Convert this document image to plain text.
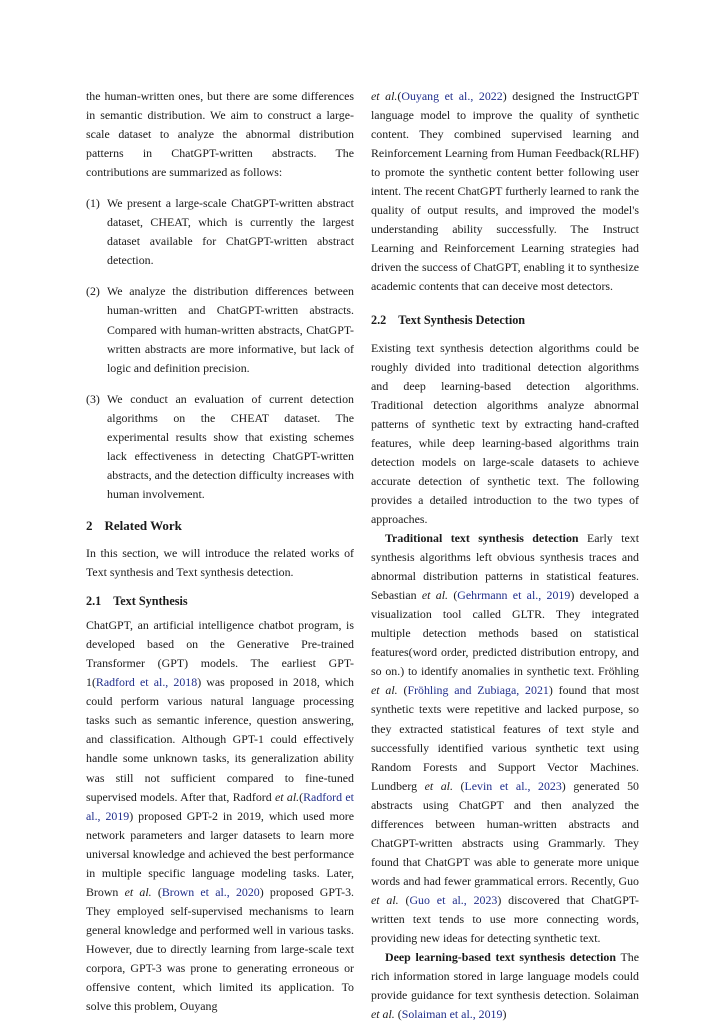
the human-written ones, but there are some differences in semantic distribution. We aim to construct a large-scale dataset to analyze the abnormal distribution patterns in ChatGPT-written abstracts. The contributions are summarized as follows:

(1) We present a large-scale ChatGPT-written abstract dataset, CHEAT, which is currently the largest dataset available for ChatGPT-written abstract detection.
(2) We analyze the distribution differences between human-written and ChatGPT-written abstracts. Compared with human-written abstracts, ChatGPT-written abstracts are more informative, but lack of logic and definition precision.
(3) We conduct an evaluation of current detection algorithms on the CHEAT dataset. The experimental results show that existing schemes lack effectiveness in detecting ChatGPT-written abstracts, and the detection difficulty increases with human involvement.
2 Related Work

In this section, we will introduce the related works of Text synthesis and Text synthesis detection.

2.1 Text Synthesis

ChatGPT, an artificial intelligence chatbot program, is developed based on the Generative Pre-trained Transformer (GPT) models. The earliest GPT-1(Radford et al., 2018) was proposed in 2018, which could perform various natural language processing tasks such as semantic inference, question answering, and classification. Although GPT-1 could effectively handle some unknown tasks, its generalization ability was still not sufficient compared to fine-tuned supervised models. After that, Radford et al.(Radford et al., 2019) proposed GPT-2 in 2019, which used more network parameters and larger datasets to learn more universal knowledge and achieved the best performance in multiple specific language modeling tasks. Later, Brown et al. (Brown et al., 2020) proposed GPT-3. They employed self-supervised mechanisms to learn general knowledge and performed well in various tasks. However, due to directly learning from large-scale text corpora, GPT-3 was prone to generating erroneous or offensive content, which limited its application. To solve this problem, Ouyang

et al.(Ouyang et al., 2022) designed the InstructGPT language model to improve the quality of synthetic content. They combined supervised learning and Reinforcement Learning from Human Feedback(RLHF) to promote the synthetic content better following user intent. The recent ChatGPT furtherly learned to rank the quality of output results, and improved the model's understanding ability successfully. The Instruct Learning and Reinforcement Learning strategies had driven the success of ChatGPT, enabling it to synthesize academic contents that can deceive most detectors.

2.2 Text Synthesis Detection

Existing text synthesis detection algorithms could be roughly divided into traditional detection algorithms and deep learning-based detection algorithms. Traditional detection algorithms analyze abnormal patterns of synthetic text by extracting hand-crafted features, while deep learning-based algorithms train detection models on large-scale datasets to achieve accurate detection of synthetic text. The following provides a detailed introduction to the two types of approaches.

Traditional text synthesis detection Early text synthesis algorithms left obvious synthesis traces and abnormal distribution patterns in statistical features. Sebastian et al. (Gehrmann et al., 2019) developed a visualization tool called GLTR. They integrated multiple detection methods based on statistical features(word order, predicted distribution entropy, and so on.) to identify anomalies in synthetic text. Fröhling et al. (Fröhling and Zubiaga, 2021) found that most synthetic texts were repetitive and lacked purpose, so they extracted statistical features of text style and successfully identified various synthetic text using Random Forests and Support Vector Machines. Lundberg et al. (Levin et al., 2023) generated 50 abstracts using ChatGPT and then analyzed the differences between human-written abstracts and ChatGPT-written abstracts using Grammarly. They found that ChatGPT was able to generate more unique words and had fewer grammatical errors. Recently, Guo et al. (Guo et al., 2023) discovered that ChatGPT-written text tends to use more connecting words, providing new ideas for detecting synthetic text.

Deep learning-based text synthesis detection The rich information stored in large language models could provide guidance for text synthesis detection. Solaiman et al. (Solaiman et al., 2019)
